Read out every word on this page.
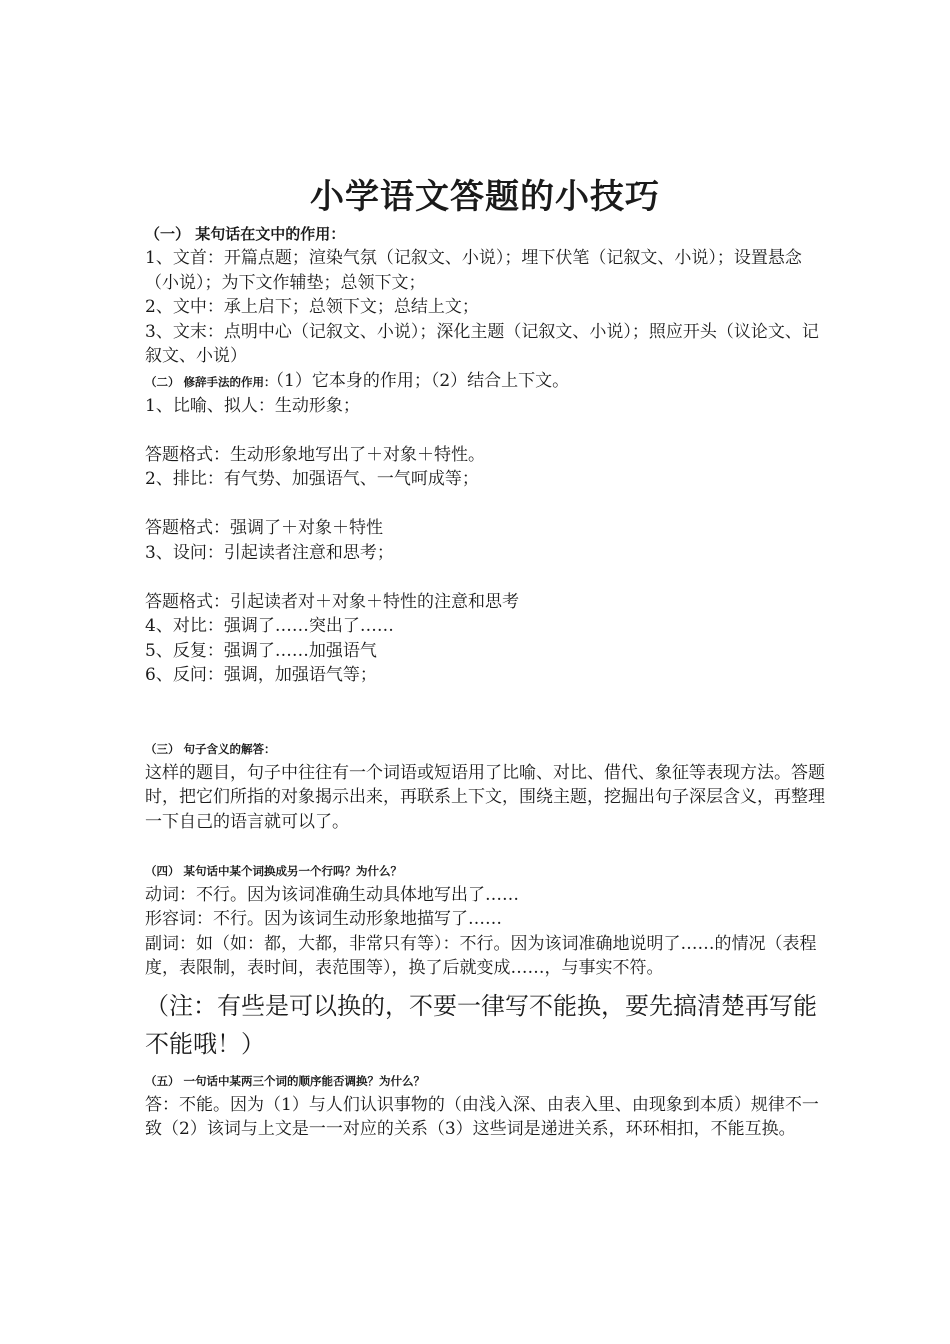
小学语文答题的小技巧
（一） 某句话在文中的作用：
1、文首：开篇点题；渲染气氛（记叙文、小说）；埋下伏笔（记叙文、小说）；设置悬念（小说）；为下文作辅垫；总领下文；
2、文中：承上启下；总领下文；总结上文；
3、文末：点明中心（记叙文、小说）；深化主题（记叙文、小说）；照应开头（议论文、记叙文、小说）
（二） 修辞手法的作用：（1）它本身的作用；（2）结合上下文。
1、比喻、拟人：生动形象；
答题格式：生动形象地写出了＋对象＋特性。
2、排比：有气势、加强语气、一气呵成等；
答题格式：强调了＋对象＋特性
3、设问：引起读者注意和思考；
答题格式：引起读者对＋对象＋特性的注意和思考
4、对比：强调了……突出了……
5、反复：强调了……加强语气
6、反问：强调，加强语气等；
（三） 句子含义的解答：
这样的题目，句子中往往有一个词语或短语用了比喻、对比、借代、象征等表现方法。答题时，把它们所指的对象揭示出来，再联系上下文，围绕主题，挖掘出句子深层含义，再整理一下自己的语言就可以了。
（四） 某句话中某个词换成另一个行吗？为什么？
动词：不行。因为该词准确生动具体地写出了……
形容词：不行。因为该词生动形象地描写了……
副词：如（如：都，大都，非常只有等）：不行。因为该词准确地说明了……的情况（表程度，表限制，表时间，表范围等），换了后就变成……，与事实不符。
（注：有些是可以换的，不要一律写不能换，要先搞清楚再写能不能哦！）
（五） 一句话中某两三个词的顺序能否调换？为什么？
答：不能。因为（1）与人们认识事物的（由浅入深、由表入里、由现象到本质）规律不一致（2）该词与上文是一一对应的关系（3）这些词是递进关系，环环相扣，不能互换。
